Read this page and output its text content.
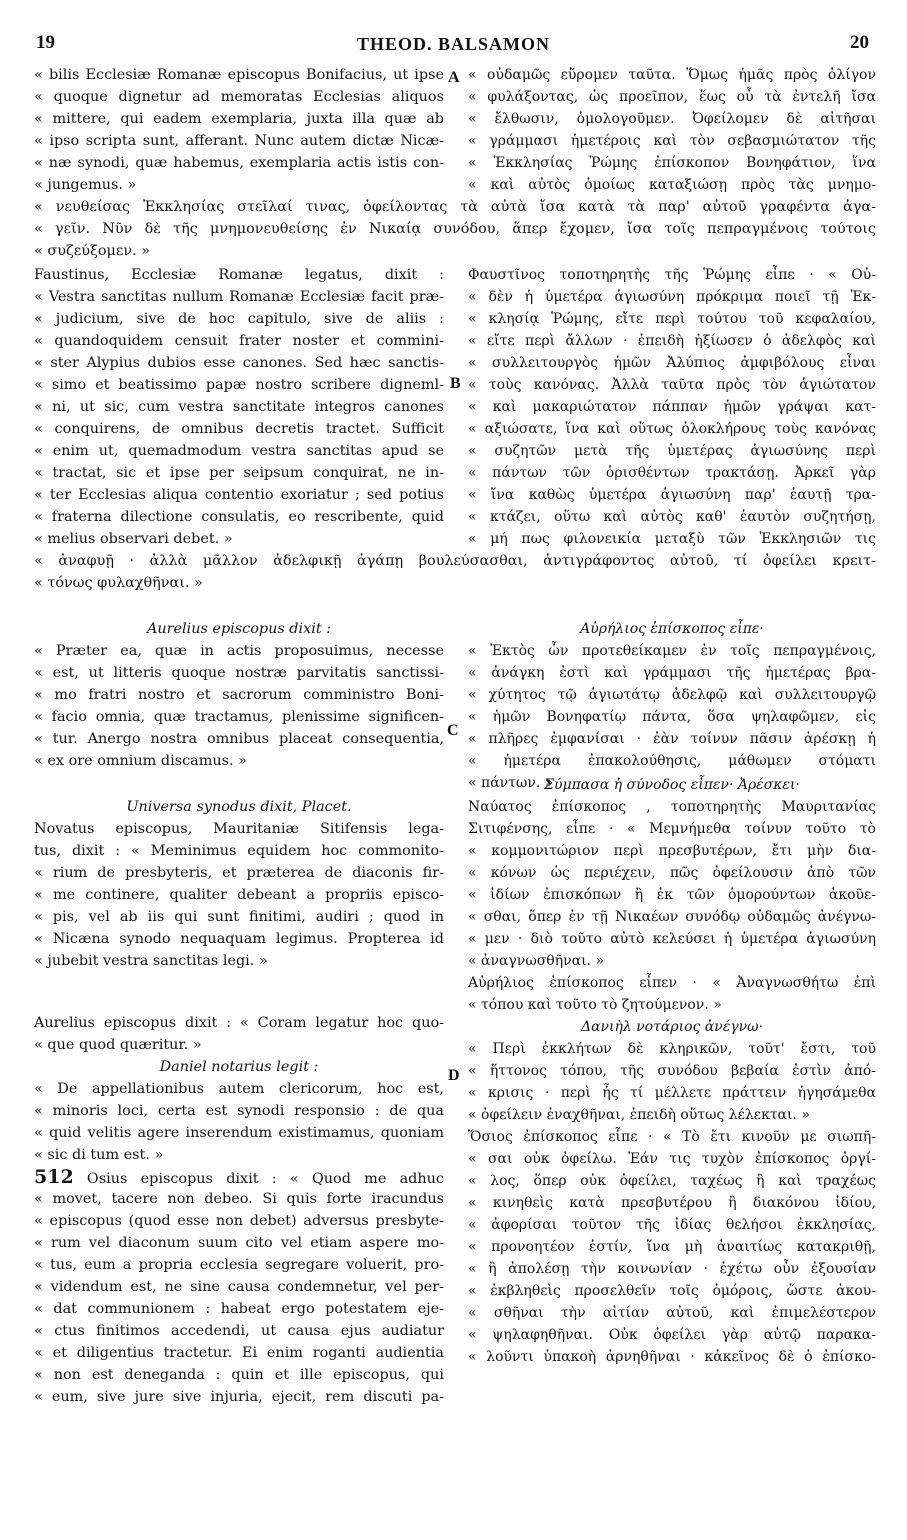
19	THEOD. BALSAMON	20
A
B
C
D
« bilis Ecclesiæ Romanæ episcopus Bonifacius, ut ipse
« quoque dignetur ad memoratas Ecclesias aliquos
« mittere, qui eadem exemplaria, juxta illa quæ ab
« ipso scripta sunt, afferant. Nunc autem dictæ Nicæ-
« næ synodi, quæ habemus, exemplaria actis istis con-
« jungemus. »
« οὐδαμῶς εὕρομεν ταῦτα. Ὅμως ἡμᾶς πρὸς ὀλίγον
« φυλάξοντας, ὡς προεῖπον, ἕως οὗ τὰ ἐντελῆ ἴσα
« ἔλθωσιν, ὁμολογοῦμεν. Ὀφείλομεν δὲ αἰτῆσαι
« γράμμασι ἡμετέροις καὶ τὸν σεβασμιώτατον τῆς
« Ἐκκλησίας Ῥώμης ἐπίσκοπον Βονηφάτιον, ἵνα
« καὶ αὐτὸς ὁμοίως καταξιώσῃ πρὸς τὰς μνημο-
« νευθείσας Ἐκκλησίας στεῖλαί τινας, ὀφείλοντας τὰ αὐτὰ ἴσα κατὰ τὰ παρ' αὐτοῦ γραφέντα ἀγα-
« γεῖν. Νῦν δὲ τῆς μνημονευθείσης ἐν Νικαίᾳ συνόδου, ἅπερ ἔχομεν, ἴσα τοῖς πεπραγμένοις τούτοις
« συζεύξομεν. »
Faustinus, Ecclesiæ Romanæ legatus, dixit :
« Vestra sanctitas nullum Romanæ Ecclesiæ facit præ-
« judicium, sive de hoc capitulo, sive de aliis :
« quandoquidem censuit frater noster et commini-
« ster Alypius dubios esse canones. Sed hæc sanctis-
« simo et beatissimo papæ nostro scribere digneml-
« ni, ut sic, cum vestra sanctitate integros canones
« conquirens, de omnibus decretis tractet. Sufficit
« enim ut, quemadmodum vestra sanctitas apud se
« tractat, sic et ipse per seipsum conquirat, ne in-
« ter Ecclesias aliqua contentio exoriatur ; sed potius
« fraterna dilectione consulatis, eo rescribente, quid
« melius observari debet. »
Φαυστῖνος τοποτηρητὴς τῆς Ῥώμης εἶπε · « Οὐ-
« δὲν ἡ ὑμετέρα ἁγιωσύνη πρόκριμα ποιεῖ τῇ Ἐκ-
« κλησίᾳ Ῥώμης, εἴτε περὶ τούτου τοῦ κεφαλαίου,
« εἴτε περὶ ἄλλων · ἐπειδὴ ἠξίωσεν ὁ ἀδελφὸς καὶ
« συλλειτουργὸς ἡμῶν Ἀλύπιος ἀμφιβόλους εἶναι
« τοὺς κανόνας. Ἀλλὰ ταῦτα πρὸς τὸν ἁγιώτατον
« καὶ μακαριώτατον πάππαν ἡμῶν γράψαι κατ-
« αξιώσατε, ἵνα καὶ οὕτως ὁλοκλήρους τοὺς κανόνας
« συζητῶν μετὰ τῆς ὑμετέρας ἁγιωσύνης περὶ
« πάντων τῶν ὁρισθέντων τρακτάσῃ. Ἀρκεῖ γὰρ
« ἵνα καθὼς ὑμετέρα ἁγιωσύνη παρ' ἑαυτῇ τρα-
« κτάζει, οὕτω καὶ αὐτὸς καθ' ἑαυτὸν συζητήσῃ,
« μή πως φιλονεικία μεταξὺ τῶν Ἐκκλησιῶν τις
« ἀναφυῇ · ἀλλὰ μᾶλλον ἀδελφικῇ ἀγάπῃ βουλεύσασθαι, ἀντιγράφοντος αὐτοῦ, τί ὀφείλει κρειτ-
« τόνως φυλαχθῆναι. »
Aurelius episcopus dixit :
« Præter ea, quæ in actis proposuimus, necesse
« est, ut litteris quoque nostræ parvitatis sanctissi-
« mo fratri nostro et sacrorum comministro Boni-
« facio omnia, quæ tractamus, plenissime significen-
« tur. Anergo nostra omnibus placeat consequentia,
« ex ore omnium discamus. »
Αὐρήλιος ἐπίσκοπος εἶπε·
« Ἐκτὸς ὧν προτεθείκαμεν ἐν τοῖς πεπραγμένοις,
« ἀνάγκη ἐστὶ καὶ γράμμασι τῆς ἡμετέρας βρα-
« χύτητος τῷ ἁγιωτάτῳ ἀδελφῷ καὶ συλλειτουργῷ
« ἡμῶν Βονηφατίῳ πάντα, ὅσα ψηλαφῶμεν, εἰς
« πλῆρες ἐμφανίσαι · ἐὰν τοίνυν πᾶσιν ἀρέσκῃ ἡ
« ἡμετέρα ἐπακολούθησις, μάθωμεν στόματι
« πάντων. »
Universa synodus dixit, Placet.
Novatus episcopus, Mauritaniæ Sitifensis lega-
tus, dixit : « Meminimus equidem hoc commonito-
« rium de presbyteris, et præterea de diaconis fir-
« me continere, qualiter debeant a propriis episco-
« pis, vel ab iis qui sunt finitimi, audiri ; quod in
« Nicæna synodo nequaquam legimus. Propterea id
« jubebit vestra sanctitas legi. »
Aurelius episcopus dixit : « Coram legatur hoc quo-
« que quod quæritur. »
Daniel notarius legit :
« De appellationibus autem clericorum, hoc est,
« minoris loci, certa est synodi responsio : de qua
« quid velitis agere inserendum existimamus, quoniam
« sic di tum est. »
512 Osius episcopus dixit : « Quod me adhuc
« movet, tacere non debeo. Si quis forte iracundus
« episcopus (quod esse non debet) adversus presbyte-
« rum vel diaconum suum cito vel etiam aspere mo-
« tus, eum a propria ecclesia segregare voluerit, pro-
« videndum est, ne sine causa condemnetur, vel per-
« dat communionem : habeat ergo potestatem eje-
« ctus finitimos accedendi, ut causa ejus audiatur
« et diligentius tractetur. Ei enim roganti audientia
« non est deneganda : quin et ille episcopus, qui
« eum, sive jure sive injuria, ejecit, rem discuti pa-
Σύμπασα ἡ σύνοδος εἶπεν· Ἀρέσκει·
Ναύατος ἐπίσκοπος , τοποτηρητὴς Μαυριτανίας
Σιτιφένσης, εἶπε · « Μεμνήμεθα τοίνυν τοῦτο τὸ
« κομμονιτώριον περὶ πρεσβυτέρων, ἔτι μὴν δια-
« κόνων ὡς περιέχειν, πῶς ὀφείλουσιν ἀπὸ τῶν
« ἰδίων ἐπισκόπων ἢ ἐκ τῶν ὁμορούντων ἀκοῦε-
« σθαι, ὅπερ ἐν τῇ Νικαέων συνόδῳ οὐδαμῶς ἀνέγνω-
« μεν · διὸ τοῦτο αὐτὸ κελεύσει ἡ ὑμετέρα ἁγιωσύνη
« ἀναγνωσθῆναι. »
Αὐρήλιος ἐπίσκοπος εἶπεν · « Ἀναγνωσθήτω ἐπὶ
« τόπου καὶ τοῦτο τὸ ζητούμενον. »
Δανιὴλ νοτάριος ἀνέγνω·
« Περὶ ἐκκλήτων δὲ κληρικῶν, τοῦτ' ἔστι, τοῦ
« ἥττονος τόπου, τῆς συνόδου βεβαία ἐστὶν ἀπό-
« κρισις · περὶ ἧς τί μέλλετε πράττειν ἡγησάμεθα
« ὀφείλειν ἐναχθῆναι, ἐπειδὴ οὕτως λέλεκται. »
Ὅσιος ἐπίσκοπος εἶπε · « Τὸ ἔτι κινοῦν με σιωπῆ-
« σαι οὐκ ὀφείλω. Ἐάν τις τυχὸν ἐπίσκοπος ὀργί-
« λος, ὅπερ οὐκ ὀφείλει, ταχέως ἢ καὶ τραχέως
« κινηθεὶς κατὰ πρεσβυτέρου ἢ διακόνου ἰδίου,
« ἀφορίσαι τοῦτον τῆς ἰδίας θελήσοι ἐκκλησίας,
« προνοητέον ἐστίν, ἵνα μὴ ἀναιτίως κατακριθῇ,
« ἢ ἀπολέσῃ τὴν κοινωνίαν · ἐχέτω οὖν ἐξουσίαν
« ἐκβληθεὶς προσελθεῖν τοῖς ὁμόροις, ὥστε ἀκου-
« σθῆναι τὴν αἰτίαν αὐτοῦ, καὶ ἐπιμελέστερον
« ψηλαφηθῆναι. Οὐκ ὀφείλει γὰρ αὐτῷ παρακα-
« λοῦντι ὑπακοὴ ἀρνηθῆναι · κἀκεῖνος δὲ ὁ ἐπίσκο-
